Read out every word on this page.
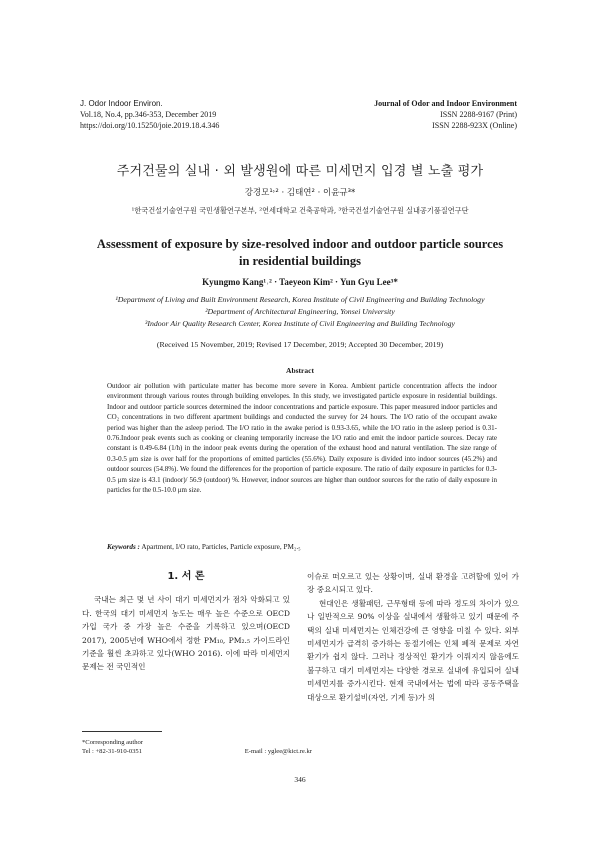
J. Odor Indoor Environ.
Vol.18, No.4, pp.346-353, December 2019
https://doi.org/10.15250/joie.2019.18.4.346
Journal of Odor and Indoor Environment
ISSN 2288-9167 (Print)
ISSN 2288-923X (Online)
주거건물의 실내 · 외 발생원에 따른 미세먼지 입경 별 노출 평가
강경모¹˒² · 김태연² · 이윤규³*
¹한국건설기술연구원 국민생활연구본부, ²연세대학교 건축공학과, ³한국건설기술연구원 실내공기품질연구단
Assessment of exposure by size-resolved indoor and outdoor particle sources
in residential buildings
Kyungmo Kang¹˒² · Taeyeon Kim² · Yun Gyu Lee³*
¹Department of Living and Built Environment Research, Korea Institute of Civil Engineering and Building Technology
²Department of Architectural Engineering, Yonsei University
³Indoor Air Quality Research Center, Korea Institute of Civil Engineering and Building Technology
(Received 15 November, 2019; Revised 17 December, 2019; Accepted 30 December, 2019)
Abstract
Outdoor air pollution with particulate matter has become more severe in Korea. Ambient particle concentration affects the indoor environment through various routes through building envelopes. In this study, we investigated particle exposure in residential buildings. Indoor and outdoor particle sources determined the indoor concentrations and particle exposure. This paper measured indoor particles and CO₂ concentrations in two different apartment buildings and conducted the survey for 24 hours. The I/O ratio of the occupant awake period was higher than the asleep period. The I/O ratio in the awake period is 0.93-3.65, while the I/O ratio in the asleep period is 0.31-0.76.Indoor peak events such as cooking or cleaning temporarily increase the I/O ratio and emit the indoor particle sources. Decay rate constant is 0.49-6.84 (1/h) in the indoor peak events during the operation of the exhaust hood and natural ventilation. The size range of 0.3-0.5 μm size is over half for the proportions of emitted particles (55.6%). Daily exposure is divided into indoor sources (45.2%) and outdoor sources (54.8%). We found the differences for the proportion of particle exposure. The ratio of daily exposure in particles for 0.3-0.5 μm size is 43.1 (indoor)/ 56.9 (outdoor) %. However, indoor sources are higher than outdoor sources for the ratio of daily exposure in particles for the 0.5-10.0 μm size.
Keywords : Apartment, I/O rato, Particles, Particle exposure, PM₂.₅
1. 서 론

국내는 최근 몇 년 사이 대기 미세먼지가 점차 악화되고 있다. 한국의 대기 미세먼지 농도는 매우 높은 수준으로 OECD 가입 국가 중 가장 높은 수준을 기록하고 있으며(OECD 2017), 2005년에 WHO에서 정한 PM₁₀, PM₂.₅ 가이드라인 기준을 훨씬 초과하고 있다(WHO 2016). 이에 따라 미세먼지 문제는 전 국민적인

이슈로 떠오르고 있는 상황이며, 실내 환경을 고려할에 있어 가장 중요시되고 있다.

현대인은 생활패턴, 근무형태 등에 따라 정도의 차이가 있으나 일반적으로 90% 이상을 실내에서 생활하고 있기 때문에 주택의 실내 미세먼지는 인체건강에 큰 영향을 미칠 수 있다. 외부 미세먼지가 급격히 증가하는 동절기에는 인체 폐적 문제로 자연환기가 쉽지 않다. 그러나 정상적인 환기가 이뤄지지 않음에도 불구하고 대기 미세먼지는 다양한 경로로 실내에 유입되어 실내 미세먼지를 증가시킨다. 현재 국내에서는 법에 따라 공동주택을 대상으로 환기설비(자연, 기계 등)가 의

*Corresponding author
Tel : +82-31-910-0351	E-mail : yglee@kict.re.kr
346
